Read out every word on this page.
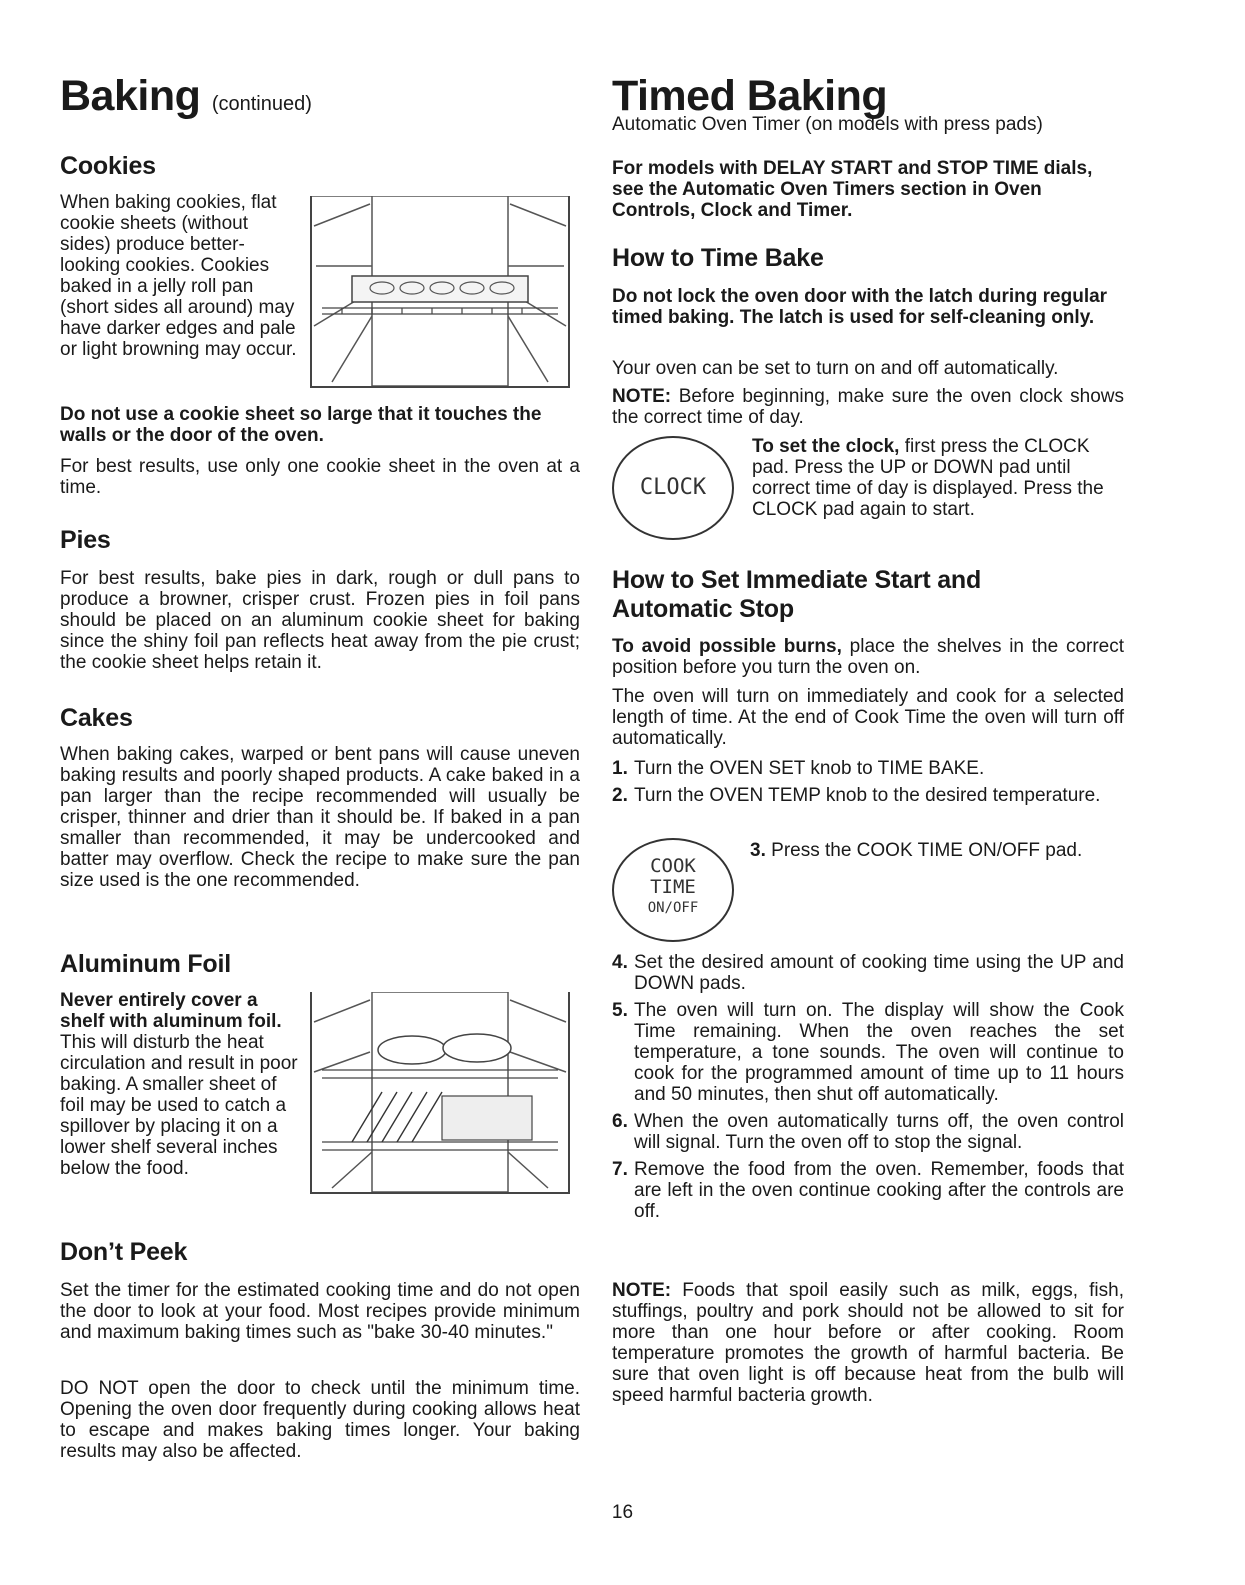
Baking (continued)
Cookies

When baking cookies, flat cookie sheets (without sides) produce better-looking cookies. Cookies baked in a jelly roll pan (short sides all around) may have darker edges and pale or light browning may occur.

Do not use a cookie sheet so large that it touches the walls or the door of the oven.

For best results, use only one cookie sheet in the oven at a time.

Pies

For best results, bake pies in dark, rough or dull pans to produce a browner, crisper crust. Frozen pies in foil pans should be placed on an aluminum cookie sheet for baking since the shiny foil pan reflects heat away from the pie crust; the cookie sheet helps retain it.

Cakes

When baking cakes, warped or bent pans will cause uneven baking results and poorly shaped products. A cake baked in a pan larger than the recipe recommended will usually be crisper, thinner and drier than it should be. If baked in a pan smaller than recommended, it may be undercooked and batter may overflow. Check the recipe to make sure the pan size used is the one recommended.

Aluminum Foil
Never entirely cover a shelf with aluminum foil. This will disturb the heat circulation and result in poor baking. A smaller sheet of foil may be used to catch a spillover by placing it on a lower shelf several inches below the food.
Don’t Peek

Set the timer for the estimated cooking time and do not open the door to look at your food. Most recipes provide minimum and maximum baking times such as "bake 30-40 minutes."

DO NOT open the door to check until the minimum time. Opening the oven door frequently during cooking allows heat to escape and makes baking times longer. Your baking results may also be affected.

Timed Baking

Automatic Oven Timer (on models with press pads)

For models with DELAY START and STOP TIME dials, see the Automatic Oven Timers section in Oven Controls, Clock and Timer.

How to Time Bake

Do not lock the oven door with the latch during regular timed baking. The latch is used for self-cleaning only.

Your oven can be set to turn on and off automatically.

NOTE: Before beginning, make sure the oven clock shows the correct time of day.

CLOCK

To set the clock, first press the CLOCK pad. Press the UP or DOWN pad until correct time of day is displayed. Press the CLOCK pad again to start.

How to Set Immediate Start and Automatic Stop

To avoid possible burns, place the shelves in the correct position before you turn the oven on.

The oven will turn on immediately and cook for a selected length of time. At the end of Cook Time the oven will turn off automatically.

1. Turn the OVEN SET knob to TIME BAKE.
2. Turn the OVEN TEMP knob to the desired temperature.
COOK
TIME
ON/OFF

3. Press the COOK TIME ON/OFF pad.

4. Set the desired amount of cooking time using the UP and DOWN pads.
5. The oven will turn on. The display will show the Cook Time remaining. When the oven reaches the set temperature, a tone sounds. The oven will continue to cook for the programmed amount of time up to 11 hours and 50 minutes, then shut off automatically.
6. When the oven automatically turns off, the oven control will signal. Turn the oven off to stop the signal.
7. Remove the food from the oven. Remember, foods that are left in the oven continue cooking after the controls are off.

NOTE: Foods that spoil easily such as milk, eggs, fish, stuffings, poultry and pork should not be allowed to sit for more than one hour before or after cooking. Room temperature promotes the growth of harmful bacteria. Be sure that oven light is off because heat from the bulb will speed harmful bacteria growth.

16
